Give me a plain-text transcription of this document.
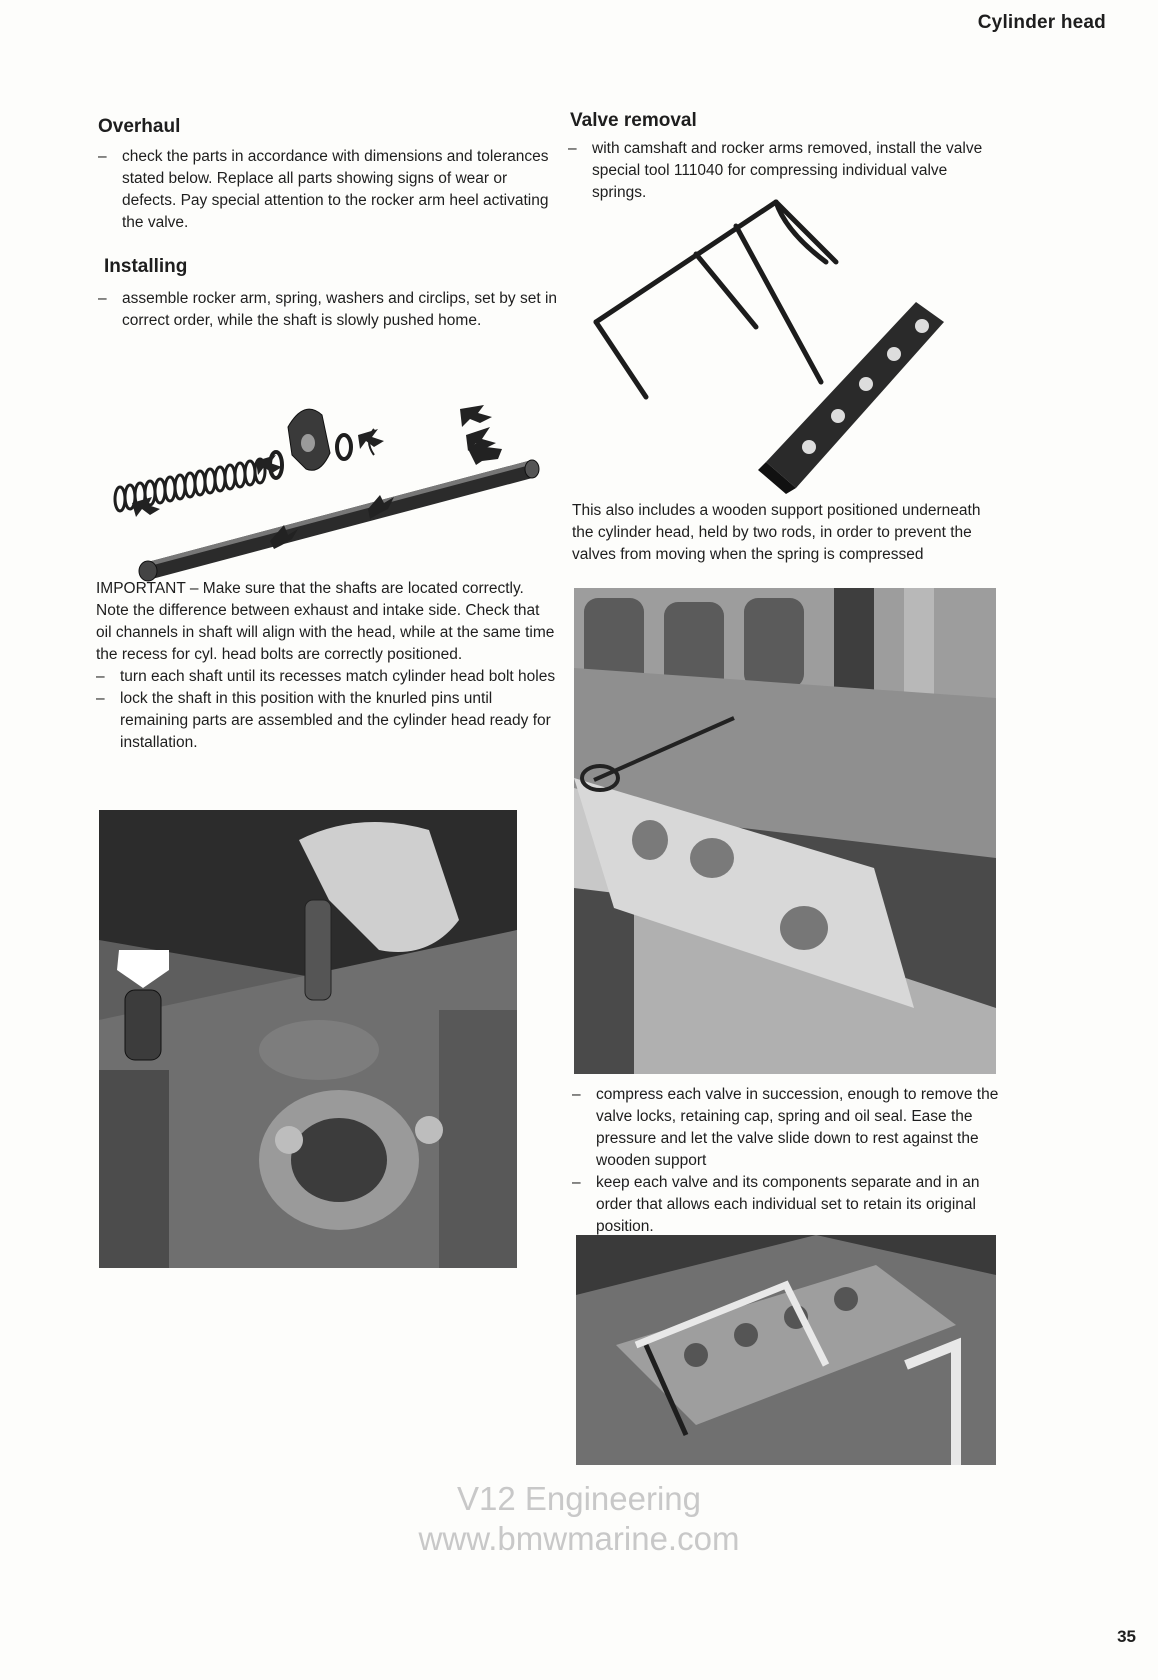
Cylinder head
Overhaul
– check the parts in accordance with dimensions and tolerances stated below. Replace all parts showing signs of wear or defects. Pay special attention to the rocker arm heel activating the valve.
Installing
– assemble rocker arm, spring, washers and circlips, set by set in correct order, while the shaft is slowly pushed home.
IMPORTANT – Make sure that the shafts are located correctly. Note the difference between exhaust and intake side. Check that oil channels in shaft will align with the head, while at the same time the recess for cyl. head bolts are correctly positioned.
– turn each shaft until its recesses match cylinder head bolt holes
– lock the shaft in this position with the knurled pins until remaining parts are assembled and the cylinder head ready for installation.
Valve removal
– with camshaft and rocker arms removed, install the valve special tool 111040 for compressing individual valve springs.
This also includes a wooden support positioned underneath the cylinder head, held by two rods, in order to prevent the valves from moving when the spring is compressed
– compress each valve in succession, enough to remove the valve locks, retaining cap, spring and oil seal. Ease the pressure and let the valve slide down to rest against the wooden support
– keep each valve and its components separate and in an order that allows each individual set to retain its original position.
V12 Engineering
www.bmwmarine.com
35
